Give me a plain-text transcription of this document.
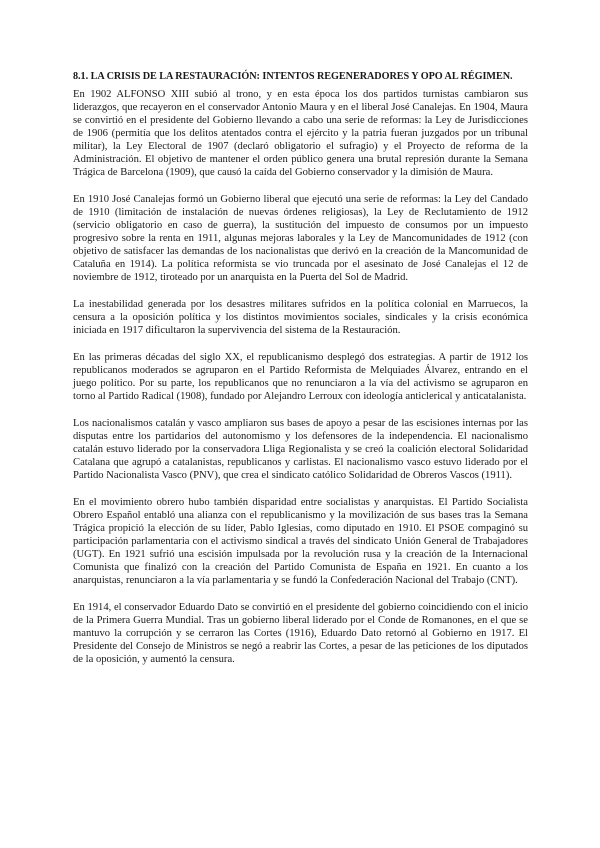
8.1. LA CRISIS DE LA RESTAURACIÓN: INTENTOS REGENERADORES Y OPO AL RÉGIMEN.

En 1902 ALFONSO XIII subió al trono, y en esta época los dos partidos turnistas cambiaron sus liderazgos, que recayeron en el conservador Antonio Maura y en el liberal José Canalejas. En 1904, Maura se convirtió en el presidente del Gobierno llevando a cabo una serie de reformas: la Ley de Jurisdicciones de 1906 (permitía que los delitos atentados contra el ejército y la patria fueran juzgados por un tribunal militar), la Ley Electoral de 1907 (declaró obligatorio el sufragio) y el Proyecto de reforma de la Administración. El objetivo de mantener el orden público genera una brutal represión durante la Semana Trágica de Barcelona (1909), que causó la caída del Gobierno conservador y la dimisión de Maura.

En 1910 José Canalejas formó un Gobierno liberal que ejecutó una serie de reformas: la Ley del Candado de 1910 (limitación de instalación de nuevas órdenes religiosas), la Ley de Reclutamiento de 1912 (servicio obligatorio en caso de guerra), la sustitución del impuesto de consumos por un impuesto progresivo sobre la renta en 1911, algunas mejoras laborales y la Ley de Mancomunidades de 1912 (con objetivo de satisfacer las demandas de los nacionalistas que derivó en la creación de la Mancomunidad de Cataluña en 1914). La política reformista se vio truncada por el asesinato de José Canalejas el 12 de noviembre de 1912, tiroteado por un anarquista en la Puerta del Sol de Madrid.

La inestabilidad generada por los desastres militares sufridos en la política colonial en Marruecos, la censura a la oposición política y los distintos movimientos sociales, sindicales y la crisis económica iniciada en 1917 dificultaron la supervivencia del sistema de la Restauración.

En las primeras décadas del siglo XX, el republicanismo desplegó dos estrategias. A partir de 1912 los republicanos moderados se agruparon en el Partido Reformista de Melquiades Álvarez, entrando en el juego político. Por su parte, los republicanos que no renunciaron a la vía del activismo se agruparon en torno al Partido Radical (1908), fundado por Alejandro Lerroux con ideología anticlerical y anticatalanista.

Los nacionalismos catalán y vasco ampliaron sus bases de apoyo a pesar de las escisiones internas por las disputas entre los partidarios del autonomismo y los defensores de la independencia. El nacionalismo catalán estuvo liderado por la conservadora Lliga Regionalista y se creó la coalición electoral Solidaridad Catalana que agrupó a catalanistas, republicanos y carlistas. El nacionalismo vasco estuvo liderado por el Partido Nacionalista Vasco (PNV), que crea el sindicato católico Solidaridad de Obreros Vascos (1911).

En el movimiento obrero hubo también disparidad entre socialistas y anarquistas. El Partido Socialista Obrero Español entabló una alianza con el republicanismo y la movilización de sus bases tras la Semana Trágica propició la elección de su líder, Pablo Iglesias, como diputado en 1910. El PSOE compaginó su participación parlamentaria con el activismo sindical a través del sindicato Unión General de Trabajadores (UGT). En 1921 sufrió una escisión impulsada por la revolución rusa y la creación de la Internacional Comunista que finalizó con la creación del Partido Comunista de España en 1921. En cuanto a los anarquistas, renunciaron a la vía parlamentaria y se fundó la Confederación Nacional del Trabajo (CNT).

En 1914, el conservador Eduardo Dato se convirtió en el presidente del gobierno coincidiendo con el inicio de la Primera Guerra Mundial. Tras un gobierno liberal liderado por el Conde de Romanones, en el que se mantuvo la corrupción y se cerraron las Cortes (1916), Eduardo Dato retornó al Gobierno en 1917. El Presidente del Consejo de Ministros se negó a reabrir las Cortes, a pesar de las peticiones de los diputados de la oposición, y aumentó la censura.
